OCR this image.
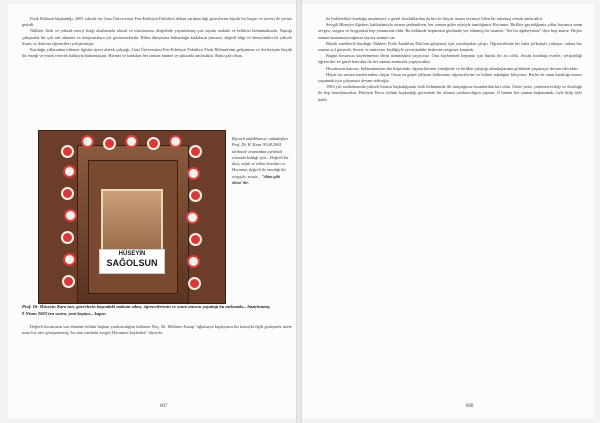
Fizik Bölümü başkanlığı, 2005 yılında ise Gazi Üniversitesi Fen-Edebiyat Fakültesi dekan yardımcılığı görevlerini büyük bir başarı ve özveri ile yerine getirdi.

Nükleer fizik ve yüksek enerji fiziği alanlarında ulusal ve uluslararası dergilerde yayınlanmış çok sayıda makale ve bildirisi bulunmaktadır. Yaptığı çalışmalar bir çok atıf almakta ve araştırmalara yol göstermektedir. Bilim dünyasına bulunduğu katkıların yanısıra, değerli bilgi ve deneyimleri ile yüksek lisans ve doktora öğrencileri yetiştirmiştir.

Kurduğu yıllarından itibaren ilgisini üyesi olarak çalıştığı, Gazi Üniversitesi Fen-Edebiyat Fakültesi Fizik Bölümü'nün gelişimine ve ilerleyişine büyük bir emeği ve emek vererek hakkıyla bulunmuştur. Hizmet ve katkıları her zaman minnet ve şükranla anılacaktır. Ruhu şad olsun.

HÜSEYİN
SAĞOLSUN
Biyoteli malikhaneyi, arkadaşları Prof. Dr. H. Kara 30.04.2005 tarihinde aramızdan ayrılmak zorunda kaldığı için... Değerli bir dost, vefalı ve itibar hocaları ve Hocamız, değerli ile tanıdığı bir sevgiyle, sessiz... "ölüm gibi ölüm"dır.
Prof. Dr. Hüseyin Kara'nın, görevlerin başındaki makam odası, öğrencilerinin ve onun anısını yaşattığı bu mekanda... hazırlanmış
9 Nisan 2005'ten sonra, yeni baştan... kapısı

Değerli hocamızın son döneme bölüm başkan yardımcılığını üstlenen Doç. Dr. Mehmet Kasap "ağlamaya başlayınca bir konuyla ilgili görüşmek üzere uzun bir süre görüşememiş, bu süre zarfında sevgili Hocamızı kaybettik" diyordu.

807

ile birliktelikte kurduğu samimiyet, o güzel dostluklardan da biri ki birçok insanı sevmeyi bilen bir arkadaşı olarak anılacaktır.

Sevgili Hüseyin Ağabey; kahkahasıyla ortamı şenlendiren, her zaman güler yüzüyle tanıdığımız Hocamız. Birlikte geçirdiğimiz yıllar boyunca onun sevgisi, saygısı ve hoşgörüsü hep yanımızda oldu. Bu bölümde hepimizin gönlünde yer edinmiş bir insandı. "Siz bir ağabeysiniz" diye hep anarız. Hiçbir zaman unutamayacağımız sayısız anımız var.

Büyük emeklerle kurduğu Nükleer Fizik Anabilim Dalı'nın gelişmesi için yorulmadan çalıştı. Öğrencilerine bir baba şefkatiyle yaklaştı, onlara her zaman yol gösterdi. Sessiz ve mütevazı kişiliğiyle çevresindeki herkesin sevgisini kazandı.

Bugün hocamızı kaybetmenin derin üzüntüsünü yaşıyoruz. Onu kaybetmek hepimiz için büyük bir acı oldu. Ancak bıraktığı eserler, yetiştirdiği öğrenciler ve güzel hatıralar ile her zaman aramızda yaşayacaktır.

Hocamızın hatırası, bölümümüzün her köşesinde, öğrencilerinin yüreğinde ve birlikte çalıştığı arkadaşlarının gönlünde yaşamaya devam edecektir.

Hayat bir zaman tanelerinden oluşur. Onun en güzel yıllarını bölümüne, öğrencilerine ve bilime adadığını biliyoruz. Bizler de onun bıraktığı mirası yaşatmak için çalışmaya devam edeceğiz.

1984 yılı sonbaharında yüksek lisansa başladığımda fizik bölümünde ilk tanıştığımız insanlardan biri oldu. Güler yüzü, yardımseverliği ve dostluğu ile hep hatırlanacaktır. Hüseyin Hoca, bölüm başkanlığı görevinde bir dönem yardımcılığını yaptım. O benim her zaman başkanımdı; öyle bilip öyle kaldı.

808
